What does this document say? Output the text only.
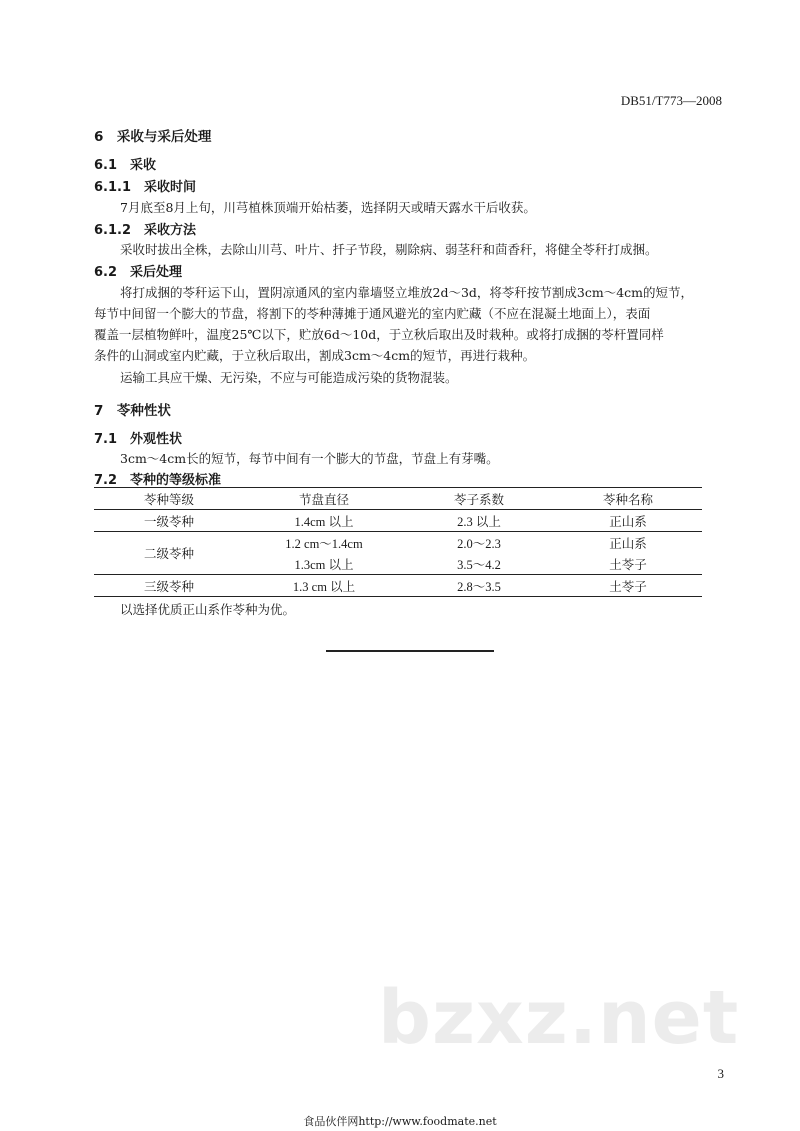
DB51/T773—2008
6　采收与采后处理
6.1　采收
6.1.1　采收时间
7月底至8月上旬，川芎植株顶端开始枯萎，选择阴天或晴天露水干后收获。
6.1.2　采收方法
采收时拔出全株，去除山川芎、叶片、扦子节段，剔除病、弱茎秆和茴香秆，将健全苓秆打成捆。
6.2　采后处理
将打成捆的苓秆运下山，置阴凉通风的室内靠墙竖立堆放2d～3d，将苓秆按节割成3cm～4cm的短节，
每节中间留一个膨大的节盘，将割下的苓种薄摊于通风避光的室内贮藏（不应在混凝土地面上），表面
覆盖一层植物鲜叶，温度25℃以下，贮放6d～10d，于立秋后取出及时栽种。或将打成捆的苓杆置同样
条件的山洞或室内贮藏，于立秋后取出，割成3cm～4cm的短节，再进行栽种。
运输工具应干燥、无污染，不应与可能造成污染的货物混装。
7　苓种性状
7.1　外观性状
3cm～4cm长的短节，每节中间有一个膨大的节盘，节盘上有芽嘴。
7.2　苓种的等级标准
苓种等级	节盘直径	苓子系数	苓种名称
一级苓种	1.4cm 以上	2.3 以上	正山系
二级苓种	1.2 cm～1.4cm	2.0～2.3	正山系
	1.3cm 以上	3.5～4.2	土苓子
三级苓种	1.3 cm 以上	2.8～3.5	土苓子
以选择优质正山系作苓种为优。
bzxz.net
3
食品伙伴网http://www.foodmate.net
